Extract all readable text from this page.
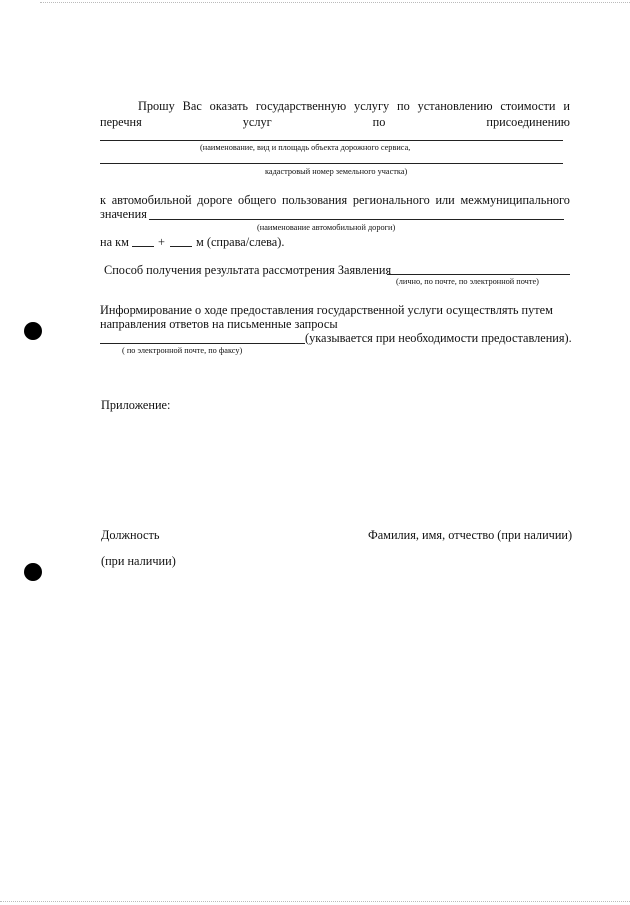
Прошу Вас оказать государственную услугу по установлению стоимости и
перечня	услуг	по	присоединению
(наименование, вид и площадь объекта дорожного сервиса,
кадастровый номер земельного участка)
к автомобильной дороге общего пользования регионального или межмуниципального
значения
(наименование автомобильной дороги)
на км +	м (справа/слева).
Способ получения результата рассмотрения Заявления
(лично, по почте, по электронной почте)
Информирование о ходе предоставления государственной услуги осуществлять путем
направления ответов на письменные запросы
(указывается при необходимости предоставления).
( по электронной почте, по факсу)
Приложение:
Должность	Фамилия, имя, отчество (при наличии)
(при наличии)
